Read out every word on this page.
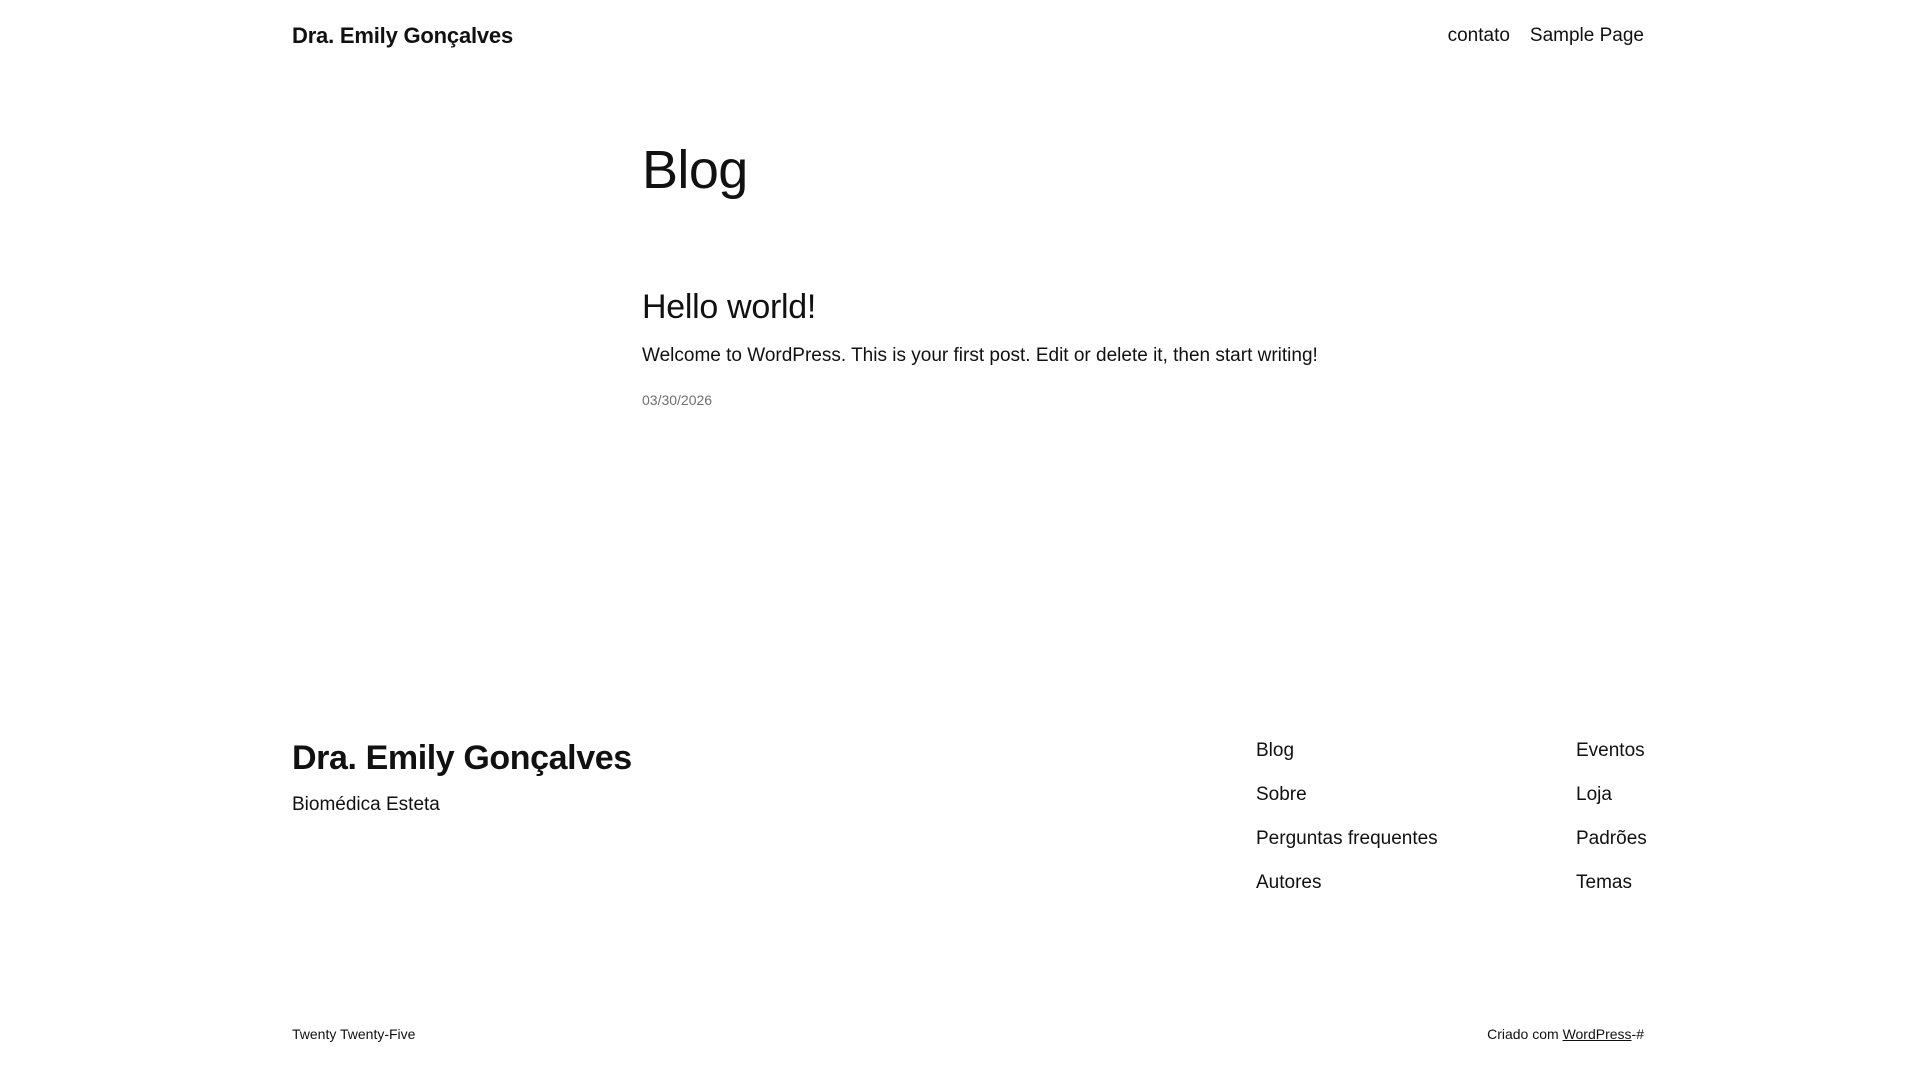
Dra. Emily Gonçalves	contato Sample Page
Blog
Hello world!

Welcome to WordPress. This is your first post. Edit or delete it, then start writing!

03/30/2026
Dra. Emily Gonçalves
Biomédica Esteta
Blog
Sobre
Perguntas frequentes
Autores
Eventos
Loja
Padrões
Temas
Twenty Twenty-Five	Criado com WordPress-#
